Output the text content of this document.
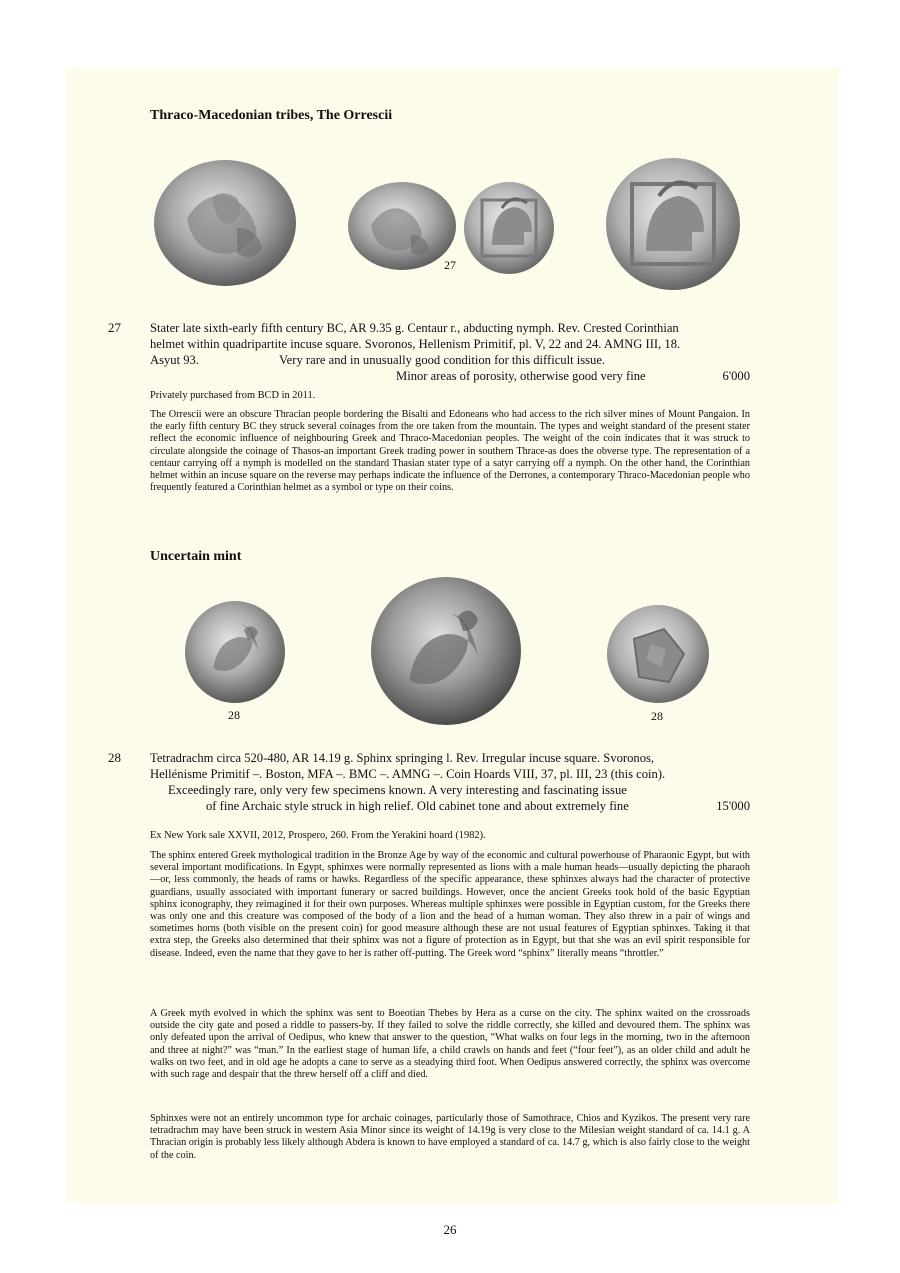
Thraco-Macedonian tribes, The Orrescii
27
27 Stater late sixth-early fifth century BC, AR 9.35 g. Centaur r., abducting nymph. Rev. Crested Corinthian
helmet within quadripartite incuse square. Svoronos, Hellenism Primitif, pl. V, 22 and 24. AMNG III, 18.
Asyut 93.	Very rare and in unusually good condition for this difficult issue.
Minor areas of porosity, otherwise good very fine	6'000
Privately purchased from BCD in 2011.

The Orrescii were an obscure Thracian people bordering the Bisalti and Edoneans who had access to the rich silver mines of Mount Pangaion. In the early fifth century BC they struck several coinages from the ore taken from the mountain. The types and weight standard of the present stater reflect the economic influence of neighbouring Greek and Thraco-Macedonian peoples. The weight of the coin indicates that it was struck to circulate alongside the coinage of Thasos-an important Greek trading power in southern Thrace-as does the obverse type. The representation of a centaur carrying off a nymph is modelled on the standard Thasian stater type of a satyr carrying off a nymph. On the other hand, the Corinthian helmet within an incuse square on the reverse may perhaps indicate the influence of the Derrones, a contemporary Thraco-Macedonian people who frequently featured a Corinthian helmet as a symbol or type on their coins.

Uncertain mint
28	28
28 Tetradrachm circa 520-480, AR 14.19 g. Sphinx springing l. Rev. Irregular incuse square. Svoronos,
Hellénisme Primitif –. Boston, MFA –. BMC –. AMNG –. Coin Hoards VIII, 37, pl. III, 23 (this coin).
Exceedingly rare, only very few specimens known. A very interesting and fascinating issue
of fine Archaic style struck in high relief. Old cabinet tone and about extremely fine	15'000
Ex New York sale XXVII, 2012, Prospero, 260. From the Yerakini hoard (1982).

The sphinx entered Greek mythological tradition in the Bronze Age by way of the economic and cultural powerhouse of Pharaonic Egypt, but with several important modifications. In Egypt, sphinxes were normally represented as lions with a male human heads—usually depicting the pharaoh—or, less commonly, the heads of rams or hawks. Regardless of the specific appearance, these sphinxes always had the character of protective guardians, usually associated with important funerary or sacred buildings. However, once the ancient Greeks took hold of the basic Egyptian sphinx iconography, they reimagined it for their own purposes. Whereas multiple sphinxes were possible in Egyptian custom, for the Greeks there was only one and this creature was composed of the body of a lion and the head of a human woman. They also threw in a pair of wings and sometimes horns (both visible on the present coin) for good measure although these are not usual features of Egyptian sphinxes. Taking it that extra step, the Greeks also determined that their sphinx was not a figure of protection as in Egypt, but that she was an evil spirit responsible for disease. Indeed, even the name that they gave to her is rather off-putting. The Greek word “sphinx” literally means “throttler.”

A Greek myth evolved in which the sphinx was sent to Boeotian Thebes by Hera as a curse on the city. The sphinx waited on the crossroads outside the city gate and posed a riddle to passers-by. If they failed to solve the riddle correctly, she killed and devoured them. The sphinx was only defeated upon the arrival of Oedipus, who knew that answer to the question, “What walks on four legs in the morning, two in the afternoon and three at night?” was “man.” In the earliest stage of human life, a child crawls on hands and feet (“four feet”), as an older child and adult he walks on two feet, and in old age he adopts a cane to serve as a steadying third foot. When Oedipus answered correctly, the sphinx was overcome with such rage and despair that the threw herself off a cliff and died.

Sphinxes were not an entirely uncommon type for archaic coinages, particularly those of Samothrace, Chios and Kyzikos. The present very rare tetradrachm may have been struck in western Asia Minor since its weight of 14.19g is very close to the Milesian weight standard of ca. 14.1 g. A Thracian origin is probably less likely although Abdera is known to have employed a standard of ca. 14.7 g, which is also fairly close to the weight of the coin.

26
